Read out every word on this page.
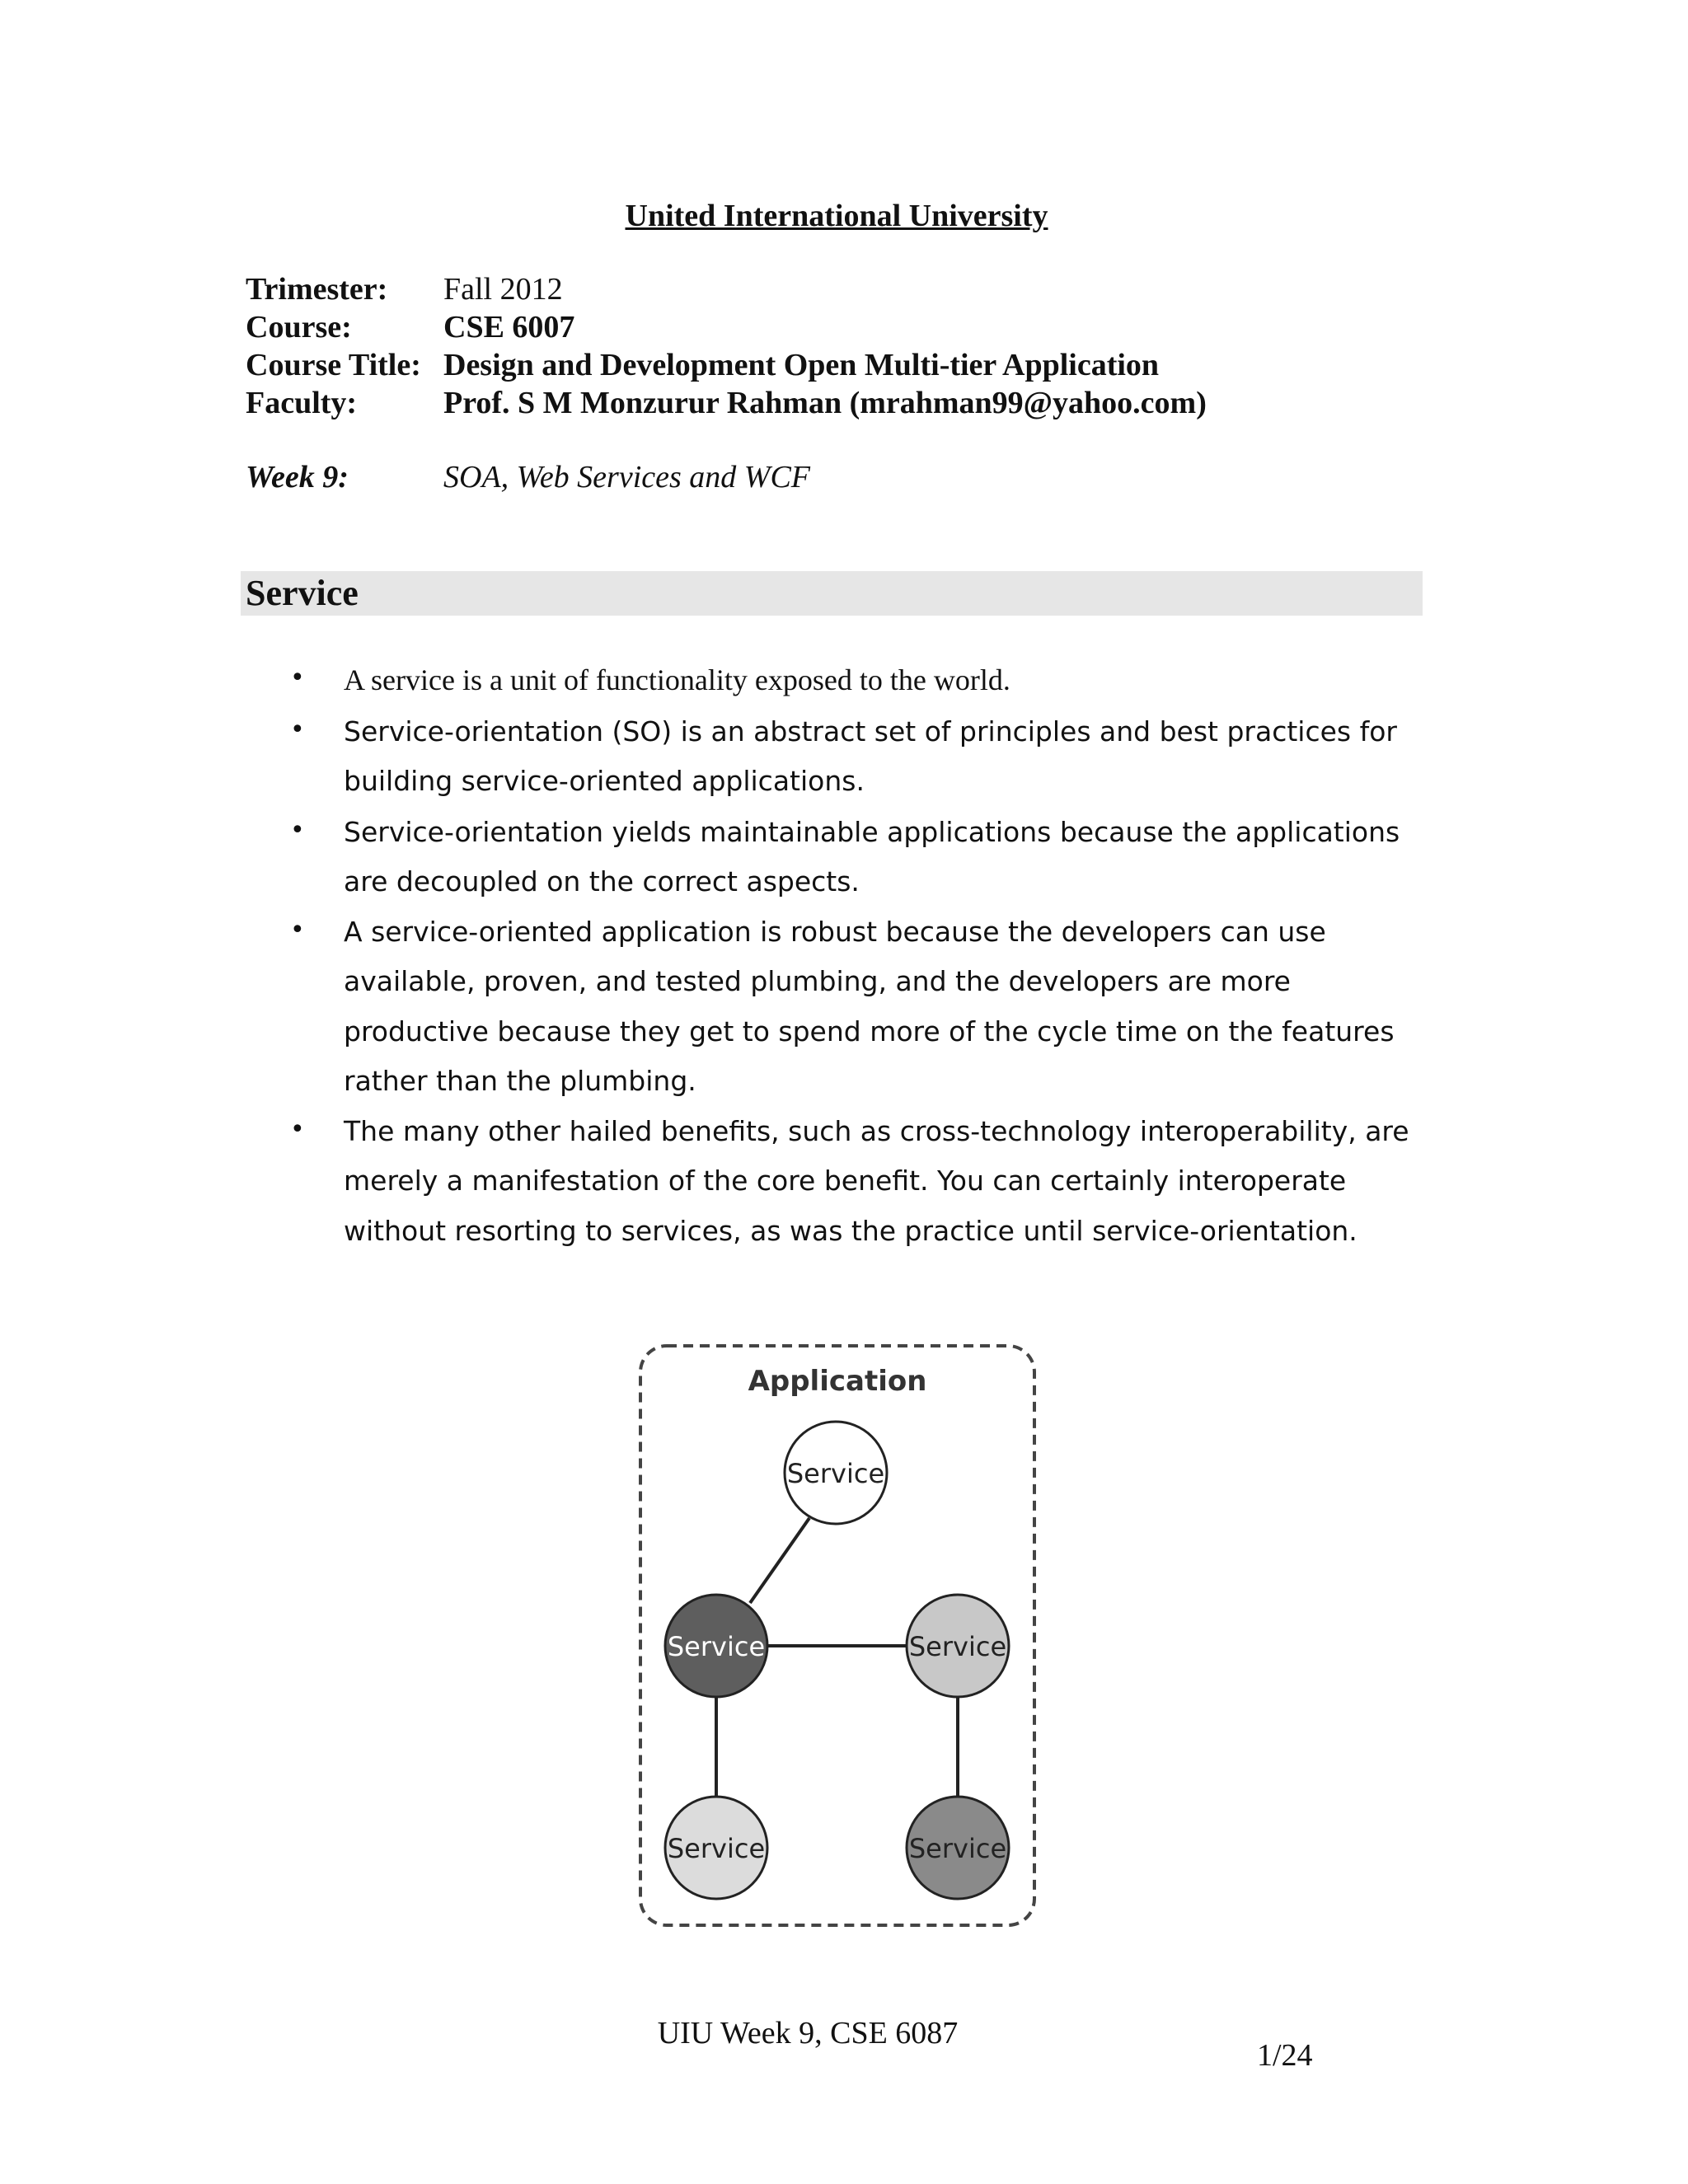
United International University
Trimester: Fall 2012
Course:	CSE 6007
Course Title: Design and Development Open Multi-tier Application
Faculty:	Prof. S M Monzurur Rahman (mrahman99@yahoo.com)
Week 9:	SOA, Web Services and WCF
Service
• A service is a unit of functionality exposed to the world.
• Service-orientation (SO) is an abstract set of principles and best practices for building service-oriented applications.
• Service-orientation yields maintainable applications because the applications are decoupled on the correct aspects.
• A service-oriented application is robust because the developers can use available, proven, and tested plumbing, and the developers are more productive because they get to spend more of the cycle time on the features rather than the plumbing.
• The many other hailed benefits, such as cross-technology interoperability, are merely a manifestation of the core benefit. You can certainly interoperate without resorting to services, as was the practice until service-orientation.
Application
Service
Service	Service
Service	Service
UIU Week 9, CSE 6087
1/24
